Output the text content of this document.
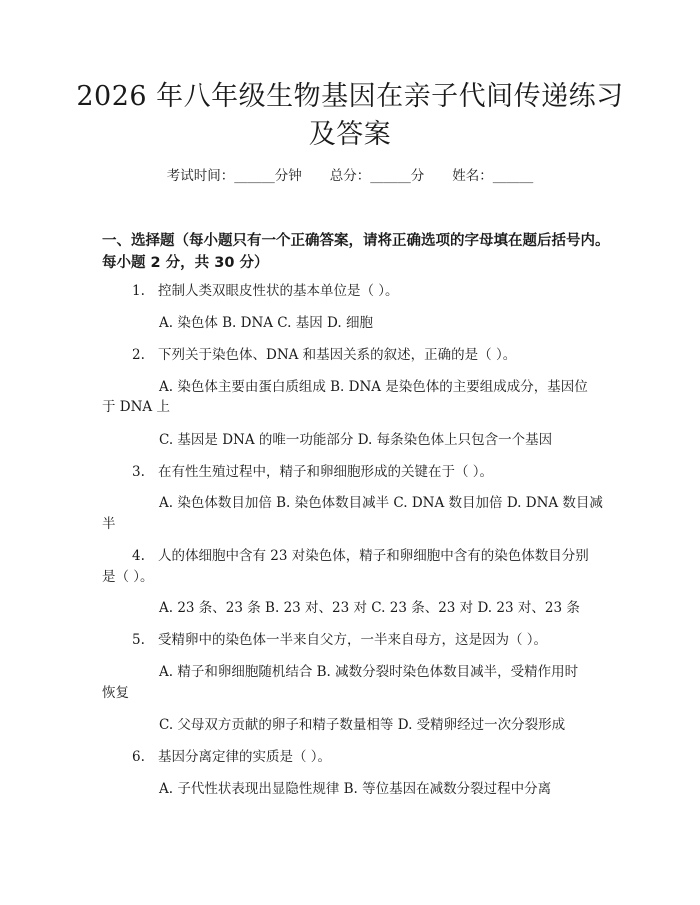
2026 年八年级生物基因在亲子代间传递练习
及答案
考试时间：______分钟 总分：______分 姓名：______
一、选择题（每小题只有一个正确答案，请将正确选项的字母填在题后括号内。
每小题 2 分，共 30 分）
1. 控制人类双眼皮性状的基本单位是（ ）。
A. 染色体 B. DNA C. 基因 D. 细胞
2. 下列关于染色体、DNA 和基因关系的叙述，正确的是（ ）。
A. 染色体主要由蛋白质组成 B. DNA 是染色体的主要组成成分，基因位
于 DNA 上
C. 基因是 DNA 的唯一功能部分 D. 每条染色体上只包含一个基因
3. 在有性生殖过程中，精子和卵细胞形成的关键在于（ ）。
A. 染色体数目加倍 B. 染色体数目减半 C. DNA 数目加倍 D. DNA 数目减
半
4. 人的体细胞中含有 23 对染色体，精子和卵细胞中含有的染色体数目分别
是（ ）。
A. 23 条、23 条 B. 23 对、23 对 C. 23 条、23 对 D. 23 对、23 条
5. 受精卵中的染色体一半来自父方，一半来自母方，这是因为（ ）。
A. 精子和卵细胞随机结合 B. 减数分裂时染色体数目减半，受精作用时
恢复
C. 父母双方贡献的卵子和精子数量相等 D. 受精卵经过一次分裂形成
6. 基因分离定律的实质是（ ）。
A. 子代性状表现出显隐性规律 B. 等位基因在减数分裂过程中分离
